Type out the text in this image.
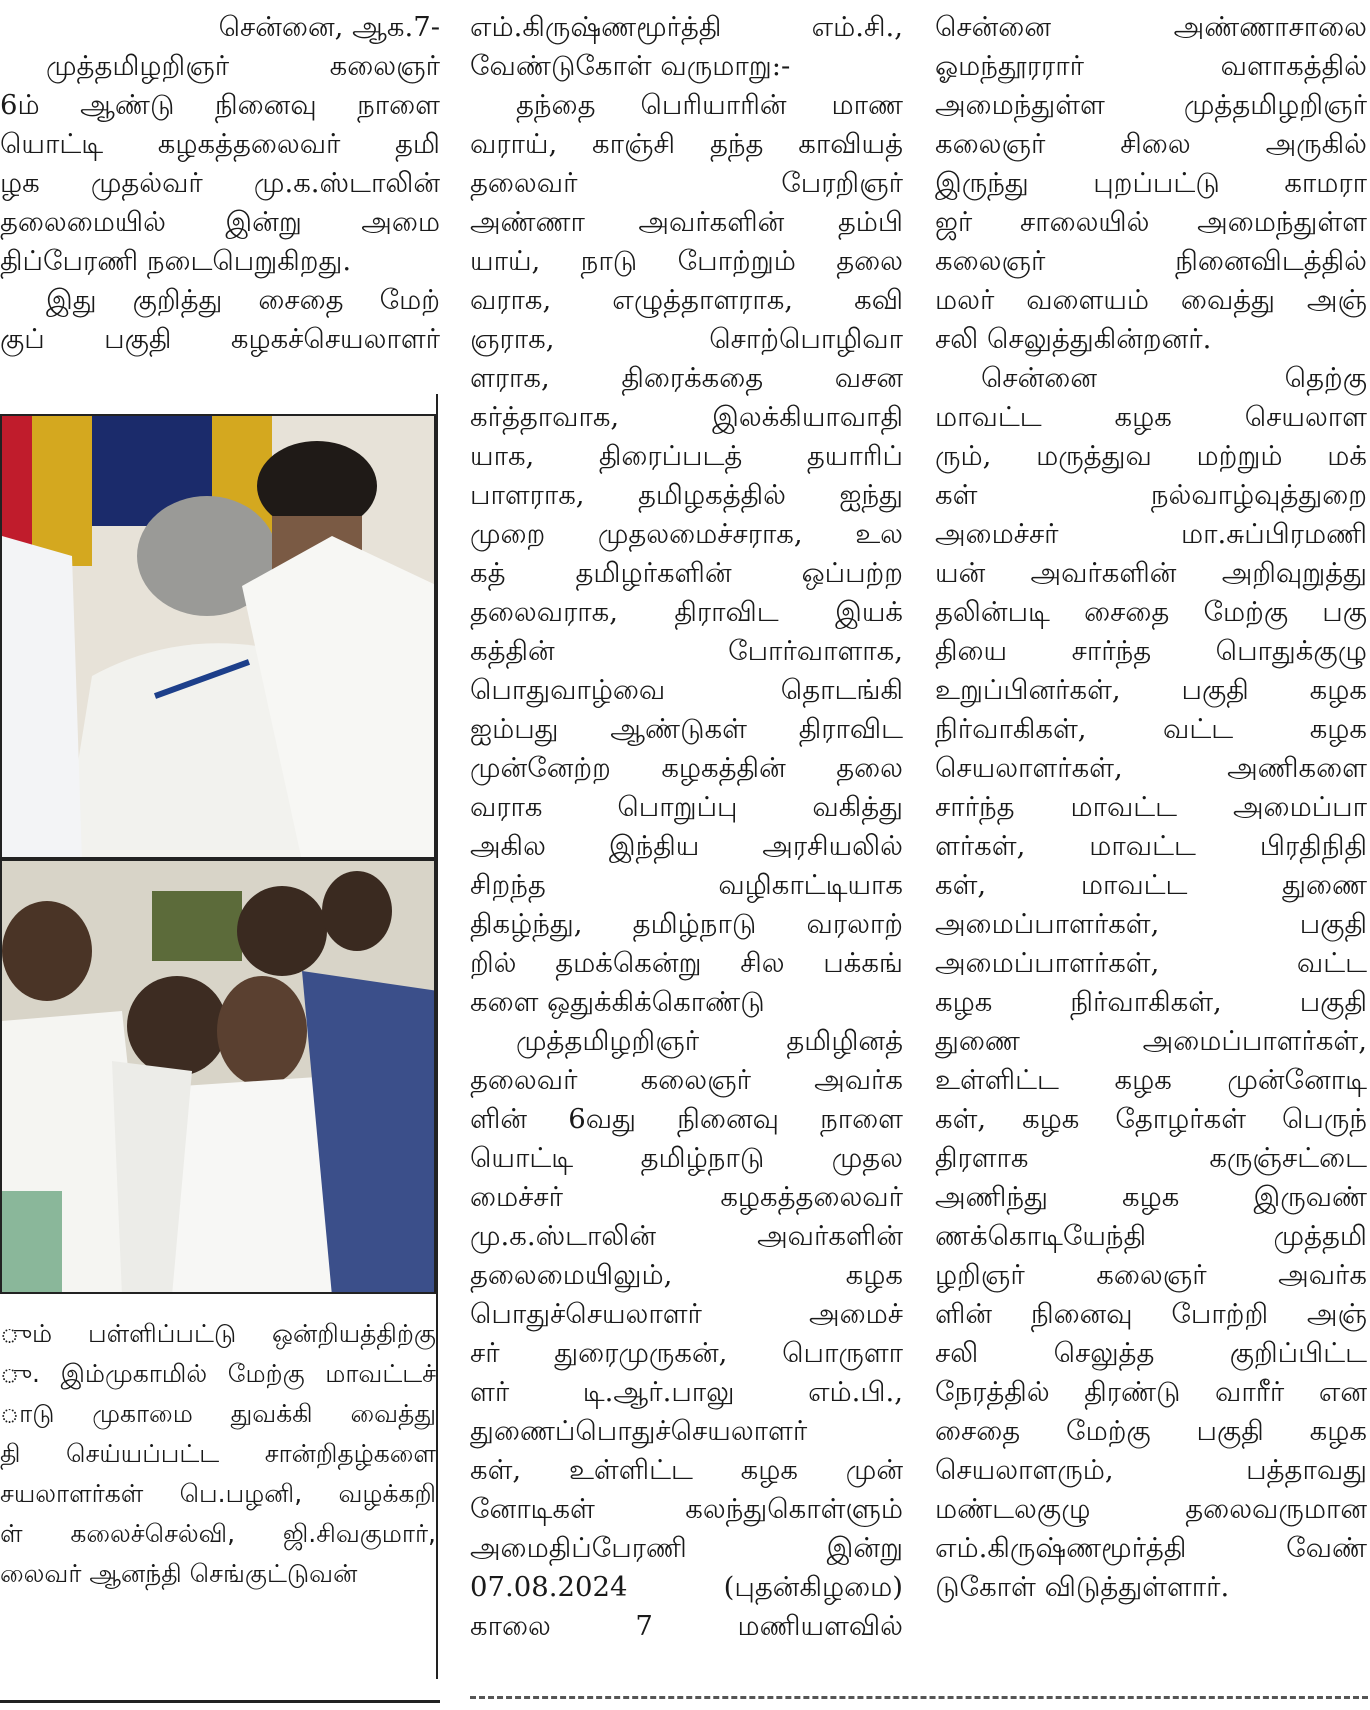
சென்னை, ஆக.7-
முத்தமிழறிஞர் கலைஞர்
6ம் ஆண்டு நினைவு நாளை
யொட்டி கழகத்தலைவர் தமி
ழக முதல்வர் மு.க.ஸ்டாலின்
தலைமையில் இன்று அமை
திப்பேரணி நடைபெறுகிறது.
இது குறித்து சைதை மேற்
குப் பகுதி கழகச்செயலாளர்
ும் பள்ளிப்பட்டு ஒன்றியத்திற்கு
ு. இம்முகாமில் மேற்கு மாவட்டச்
ாடு முகாமை துவக்கி வைத்து
தி செய்யப்பட்ட சான்றிதழ்களை
சயலாளர்கள் பெ.பழனி, வழக்கறி
ள் கலைச்செல்வி, ஜி.சிவகுமார்,
லைவர் ஆனந்தி செங்குட்டுவன்
எம்.கிருஷ்ணமூர்த்தி எம்.சி.,
வேண்டுகோள் வருமாறு:-
தந்தை பெரியாரின் மாண
வராய், காஞ்சி தந்த காவியத்
தலைவர் பேரறிஞர்
அண்ணா அவர்களின் தம்பி
யாய், நாடு போற்றும் தலை
வராக, எழுத்தாளராக, கவி
ஞராக, சொற்பொழிவா
ளராக, திரைக்கதை வசன
கர்த்தாவாக, இலக்கியாவாதி
யாக, திரைப்படத் தயாரிப்
பாளராக, தமிழகத்தில் ஐந்து
முறை முதலமைச்சராக, உல
கத் தமிழர்களின் ஒப்பற்ற
தலைவராக, திராவிட இயக்
கத்தின் போர்வாளாக,
பொதுவாழ்வை தொடங்கி
ஐம்பது ஆண்டுகள் திராவிட
முன்னேற்ற கழகத்தின் தலை
வராக பொறுப்பு வகித்து
அகில இந்திய அரசியலில்
சிறந்த வழிகாட்டியாக
திகழ்ந்து, தமிழ்நாடு வரலாற்
றில் தமக்கென்று சில பக்கங்
களை ஒதுக்கிக்கொண்டு
முத்தமிழறிஞர் தமிழினத்
தலைவர் கலைஞர் அவர்க
ளின் 6வது நினைவு நாளை
யொட்டி தமிழ்நாடு முதல
மைச்சர் கழகத்தலைவர்
மு.க.ஸ்டாலின் அவர்களின்
தலைமையிலும், கழக
பொதுச்செயலாளர் அமைச்
சர் துரைமுருகன், பொருளா
ளர் டி.ஆர்.பாலு எம்.பி.,
துணைப்பொதுச்செயலாளர்
கள், உள்ளிட்ட கழக முன்
னோடிகள் கலந்துகொள்ளும்
அமைதிப்பேரணி இன்று
07.08.2024 (புதன்கிழமை)
காலை 7 மணியளவில்
சென்னை அண்ணாசாலை
ஓமந்தூரரார் வளாகத்தில்
அமைந்துள்ள முத்தமிழறிஞர்
கலைஞர் சிலை அருகில்
இருந்து புறப்பட்டு காமரா
ஜர் சாலையில் அமைந்துள்ள
கலைஞர் நினைவிடத்தில்
மலர் வளையம் வைத்து அஞ்
சலி செலுத்துகின்றனர்.
சென்னை தெற்கு
மாவட்ட கழக செயலாள
ரும், மருத்துவ மற்றும் மக்
கள் நல்வாழ்வுத்துறை
அமைச்சர் மா.சுப்பிரமணி
யன் அவர்களின் அறிவுறுத்து
தலின்படி சைதை மேற்கு பகு
தியை சார்ந்த பொதுக்குழு
உறுப்பினர்கள், பகுதி கழக
நிர்வாகிகள், வட்ட கழக
செயலாளர்கள், அணிகளை
சார்ந்த மாவட்ட அமைப்பா
ளர்கள், மாவட்ட பிரதிநிதி
கள், மாவட்ட துணை
அமைப்பாளர்கள், பகுதி
அமைப்பாளர்கள், வட்ட
கழக நிர்வாகிகள், பகுதி
துணை அமைப்பாளர்கள்,
உள்ளிட்ட கழக முன்னோடி
கள், கழக தோழர்கள் பெருந்
திரளாக கருஞ்சட்டை
அணிந்து கழக இருவண்
ணக்கொடியேந்தி முத்தமி
ழறிஞர் கலைஞர் அவர்க
ளின் நினைவு போற்றி அஞ்
சலி செலுத்த குறிப்பிட்ட
நேரத்தில் திரண்டு வாரீர் என
சைதை மேற்கு பகுதி கழக
செயலாளரும், பத்தாவது
மண்டலகுழு தலைவருமான
எம்.கிருஷ்ணமூர்த்தி வேண்
டுகோள் விடுத்துள்ளார்.
